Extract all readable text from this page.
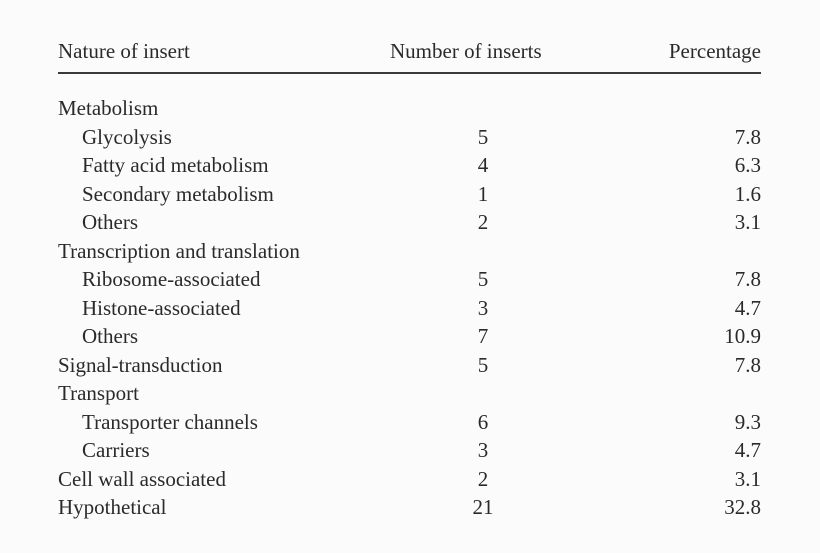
Nature of insert	Number of inserts	Percentage
Metabolism
Glycolysis	5	7.8
Fatty acid metabolism	4	6.3
Secondary metabolism	1	1.6
Others	2	3.1
Transcription and translation
Ribosome-associated	5	7.8
Histone-associated	3	4.7
Others	7	10.9
Signal-transduction	5	7.8
Transport
Transporter channels	6	9.3
Carriers	3	4.7
Cell wall associated	2	3.1
Hypothetical	21	32.8
